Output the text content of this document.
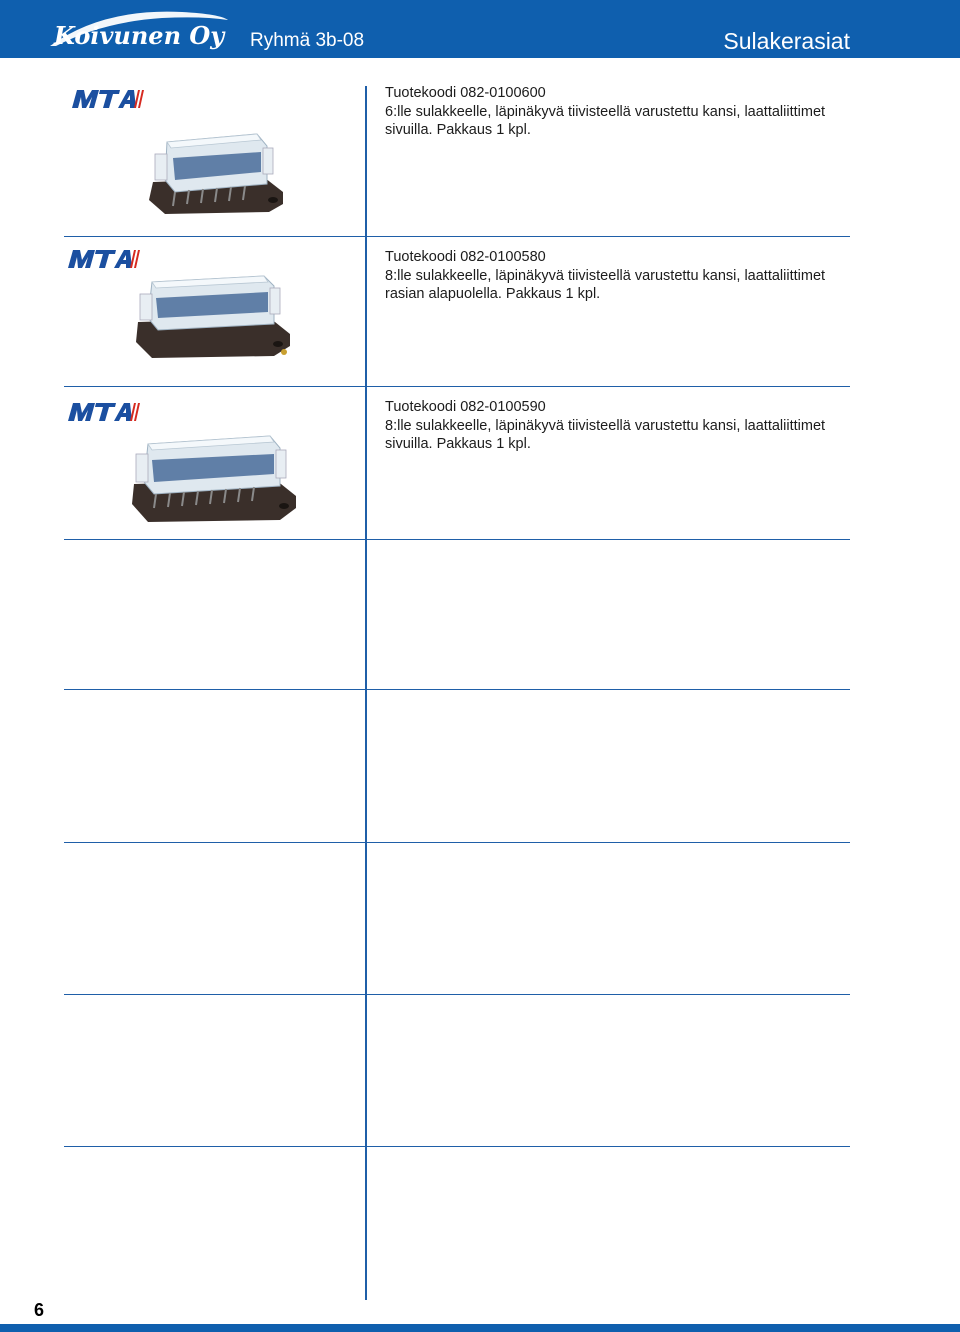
Koivunen Oy Ryhmä 3b-08	Sulakerasiat
Tuotekoodi 082-0100600
6:lle sulakkeelle, läpinäkyvä tiivisteellä varustettu kansi, laattaliittimet sivuilla. Pakkaus 1 kpl.
Tuotekoodi 082-0100580
8:lle sulakkeelle, läpinäkyvä tiivisteellä varustettu kansi, laattaliittimet rasian alapuolella. Pakkaus 1 kpl.
Tuotekoodi 082-0100590
8:lle sulakkeelle, läpinäkyvä tiivisteellä varustettu kansi, laattaliittimet sivuilla. Pakkaus 1 kpl.
6
